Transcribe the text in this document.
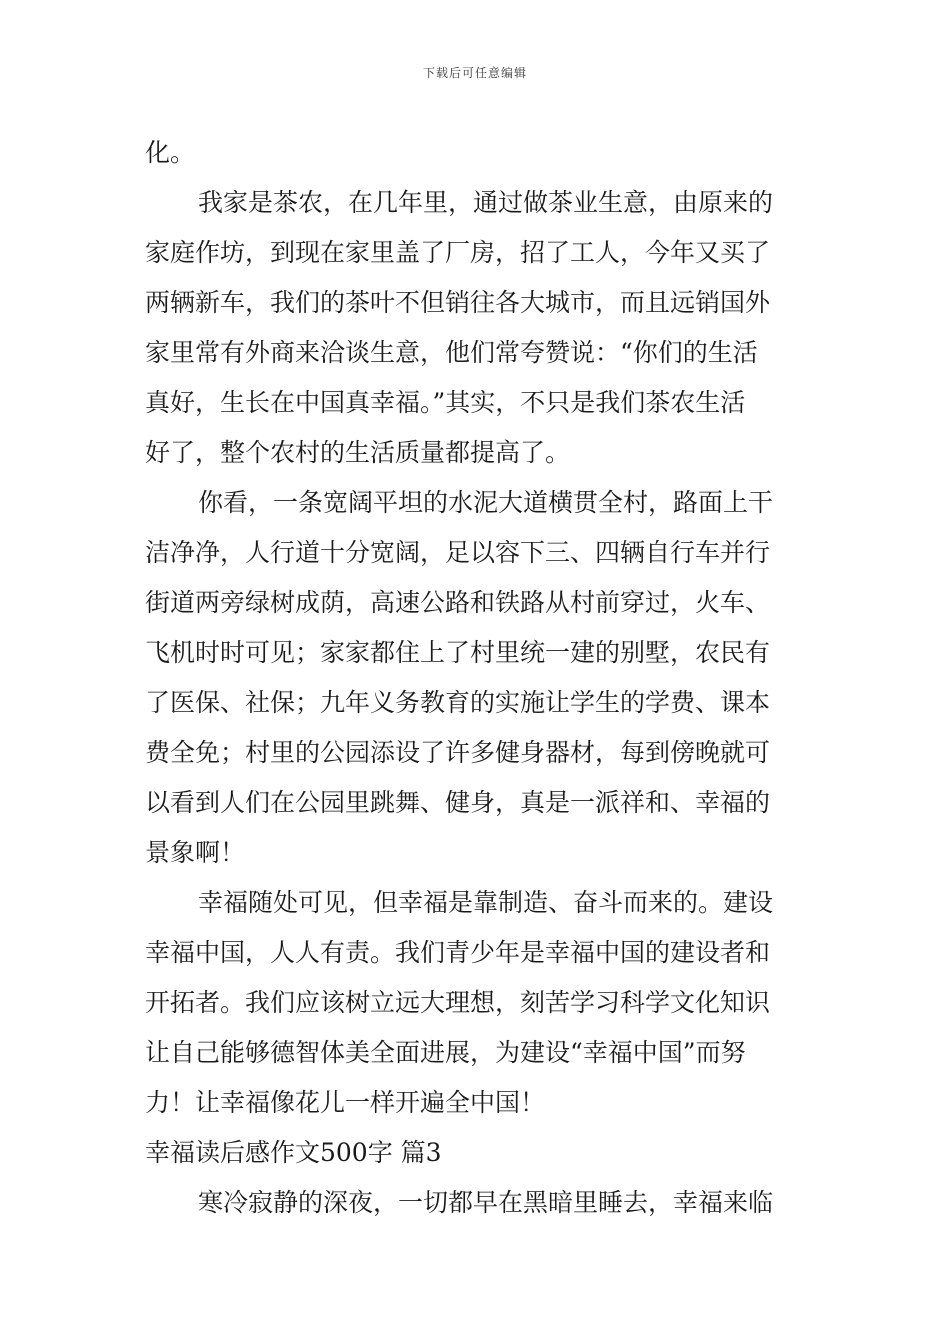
下载后可任意编辑
化。
我家是茶农，在几年里，通过做茶业生意，由原来的
家庭作坊，到现在家里盖了厂房，招了工人，今年又买了
两辆新车，我们的茶叶不但销往各大城市，而且远销国外
家里常有外商来洽谈生意，他们常夸赞说：“你们的生活
真好，生长在中国真幸福。”其实，不只是我们茶农生活
好了，整个农村的生活质量都提高了。
你看，一条宽阔平坦的水泥大道横贯全村，路面上干
洁净净，人行道十分宽阔，足以容下三、四辆自行车并行
街道两旁绿树成荫，高速公路和铁路从村前穿过，火车、
飞机时时可见；家家都住上了村里统一建的别墅，农民有
了医保、社保；九年义务教育的实施让学生的学费、课本
费全免；村里的公园添设了许多健身器材，每到傍晚就可
以看到人们在公园里跳舞、健身，真是一派祥和、幸福的
景象啊！
幸福随处可见，但幸福是靠制造、奋斗而来的。建设
幸福中国，人人有责。我们青少年是幸福中国的建设者和
开拓者。我们应该树立远大理想，刻苦学习科学文化知识
让自己能够德智体美全面进展，为建设“幸福中国”而努
力！让幸福像花儿一样开遍全中国！
幸福读后感作文500字 篇3
寒冷寂静的深夜，一切都早在黑暗里睡去，幸福来临
